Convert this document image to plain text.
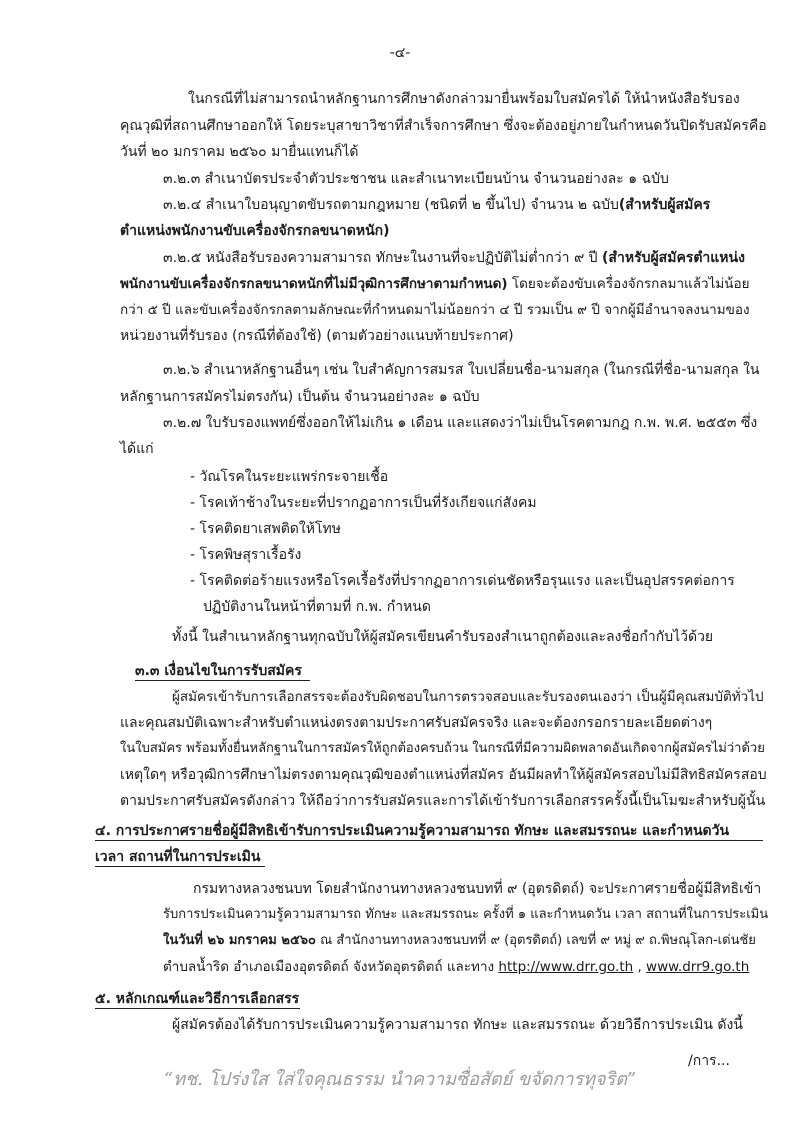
-๔-
ในกรณีที่ไม่สามารถนำหลักฐานการศึกษาดังกล่าวมายื่นพร้อมใบสมัครได้ ให้นำหนังสือรับรอง
คุณวุฒิที่สถานศึกษาออกให้ โดยระบุสาขาวิชาที่สำเร็จการศึกษา ซึ่งจะต้องอยู่ภายในกำหนดวันปิดรับสมัครคือ
วันที่ ๒๐ มกราคม ๒๕๖๐ มายื่นแทนก็ได้
๓.๒.๓ สำเนาบัตรประจำตัวประชาชน และสำเนาทะเบียนบ้าน จำนวนอย่างละ ๑ ฉบับ
๓.๒.๔ สำเนาใบอนุญาตขับรถตามกฎหมาย (ชนิดที่ ๒ ขึ้นไป) จำนวน ๒ ฉบับ(สำหรับผู้สมัคร
ตำแหน่งพนักงานขับเครื่องจักรกลขนาดหนัก)
๓.๒.๕ หนังสือรับรองความสามารถ ทักษะในงานที่จะปฏิบัติไม่ต่ำกว่า ๙ ปี (สำหรับผู้สมัครตำแหน่ง
พนักงานขับเครื่องจักรกลขนาดหนักที่ไม่มีวุฒิการศึกษาตามกำหนด) โดยจะต้องขับเครื่องจักรกลมาแล้วไม่น้อย
กว่า ๕ ปี และขับเครื่องจักรกลตามลักษณะที่กำหนดมาไม่น้อยกว่า ๔ ปี รวมเป็น ๙ ปี จากผู้มีอำนาจลงนามของ
หน่วยงานที่รับรอง (กรณีที่ต้องใช้) (ตามตัวอย่างแนบท้ายประกาศ)
๓.๒.๖ สำเนาหลักฐานอื่นๆ เช่น ใบสำคัญการสมรส ใบเปลี่ยนชื่อ-นามสกุล (ในกรณีที่ชื่อ-นามสกุล ใน
หลักฐานการสมัครไม่ตรงกัน) เป็นต้น จำนวนอย่างละ ๑ ฉบับ
๓.๒.๗ ใบรับรองแพทย์ซึ่งออกให้ไม่เกิน ๑ เดือน และแสดงว่าไม่เป็นโรคตามกฎ ก.พ. พ.ศ. ๒๕๕๓ ซึ่ง
ได้แก่
- วัณโรคในระยะแพร่กระจายเชื้อ
- โรคเท้าช้างในระยะที่ปรากฏอาการเป็นที่รังเกียจแก่สังคม
- โรคติดยาเสพติดให้โทษ
- โรคพิษสุราเรื้อรัง
- โรคติดต่อร้ายแรงหรือโรคเรื้อรังที่ปรากฏอาการเด่นชัดหรือรุนแรง และเป็นอุปสรรคต่อการ
ปฏิบัติงานในหน้าที่ตามที่ ก.พ. กำหนด
ทั้งนี้ ในสำเนาหลักฐานทุกฉบับให้ผู้สมัครเขียนคำรับรองสำเนาถูกต้องและลงชื่อกำกับไว้ด้วย
๓.๓ เงื่อนไขในการรับสมัคร
ผู้สมัครเข้ารับการเลือกสรรจะต้องรับผิดชอบในการตรวจสอบและรับรองตนเองว่า เป็นผู้มีคุณสมบัติทั่วไป
และคุณสมบัติเฉพาะสำหรับตำแหน่งตรงตามประกาศรับสมัครจริง และจะต้องกรอกรายละเอียดต่างๆ
ในใบสมัคร พร้อมทั้งยื่นหลักฐานในการสมัครให้ถูกต้องครบถ้วน ในกรณีที่มีความผิดพลาดอันเกิดจากผู้สมัครไม่ว่าด้วย
เหตุใดๆ หรือวุฒิการศึกษาไม่ตรงตามคุณวุฒิของตำแหน่งที่สมัคร อันมีผลทำให้ผู้สมัครสอบไม่มีสิทธิสมัครสอบ
ตามประกาศรับสมัครดังกล่าว ให้ถือว่าการรับสมัครและการได้เข้ารับการเลือกสรรครั้งนี้เป็นโมฆะสำหรับผู้นั้น
๔. การประกาศรายชื่อผู้มีสิทธิเข้ารับการประเมินความรู้ความสามารถ ทักษะ และสมรรถนะ และกำหนดวัน
เวลา สถานที่ในการประเมิน
กรมทางหลวงชนบท โดยสำนักงานทางหลวงชนบทที่ ๙ (อุตรดิตถ์) จะประกาศรายชื่อผู้มีสิทธิเข้า
รับการประเมินความรู้ความสามารถ ทักษะ และสมรรถนะ ครั้งที่ ๑ และกำหนดวัน เวลา สถานที่ในการประเมิน
ในวันที่ ๒๖ มกราคม ๒๕๖๐ ณ สำนักงานทางหลวงชนบทที่ ๙ (อุตรดิตถ์) เลขที่ ๙ หมู่ ๙ ถ.พิษณุโลก-เด่นชัย
ตำบลน้ำริด อำเภอเมืองอุตรดิตถ์ จังหวัดอุตรดิตถ์ และทาง http://www.drr.go.th , www.drr9.go.th
๕. หลักเกณฑ์และวิธีการเลือกสรร
ผู้สมัครต้องได้รับการประเมินความรู้ความสามารถ ทักษะ และสมรรถนะ ด้วยวิธีการประเมิน ดังนี้
/การ...
“ทช. โปร่งใส ใส่ใจคุณธรรม นำความซื่อสัตย์ ขจัดการทุจริต”
